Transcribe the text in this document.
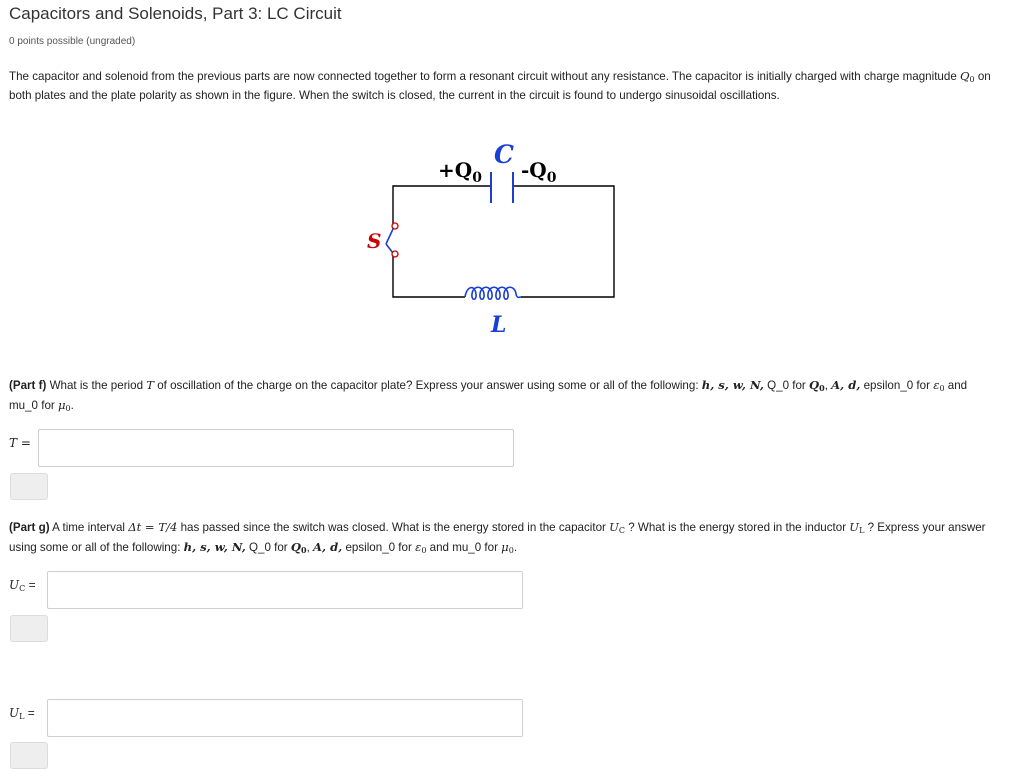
Capacitors and Solenoids, Part 3: LC Circuit
0 points possible (ungraded)
The capacitor and solenoid from the previous parts are now connected together to form a resonant circuit without any resistance. The capacitor is initially charged with charge magnitude $Q_0$ on both plates and the plate polarity as shown in the figure. When the switch is closed, the current in the circuit is found to undergo sinusoidal oscillations.
C
$+Q_0$ $-Q_0$
S
L
(Part f) What is the period T of oscillation of the charge on the capacitor plate? Express your answer using some or all of the following: h, s, w, N, Q_0 for $Q_0$, A, d, epsilon_0 for $\varepsilon_0$ and mu_0 for $\mu_0$.
T =
(Part g) A time interval Δt = T/4 has passed since the switch was closed. What is the energy stored in the capacitor $U_C$ ? What is the energy stored in the inductor $U_L$ ? Express your answer using some or all of the following: h, s, w, N, Q_0 for $Q_0$, A, d, epsilon_0 for $\varepsilon_0$ and mu_0 for $\mu_0$.
$U_C$ =
$U_L$ =
